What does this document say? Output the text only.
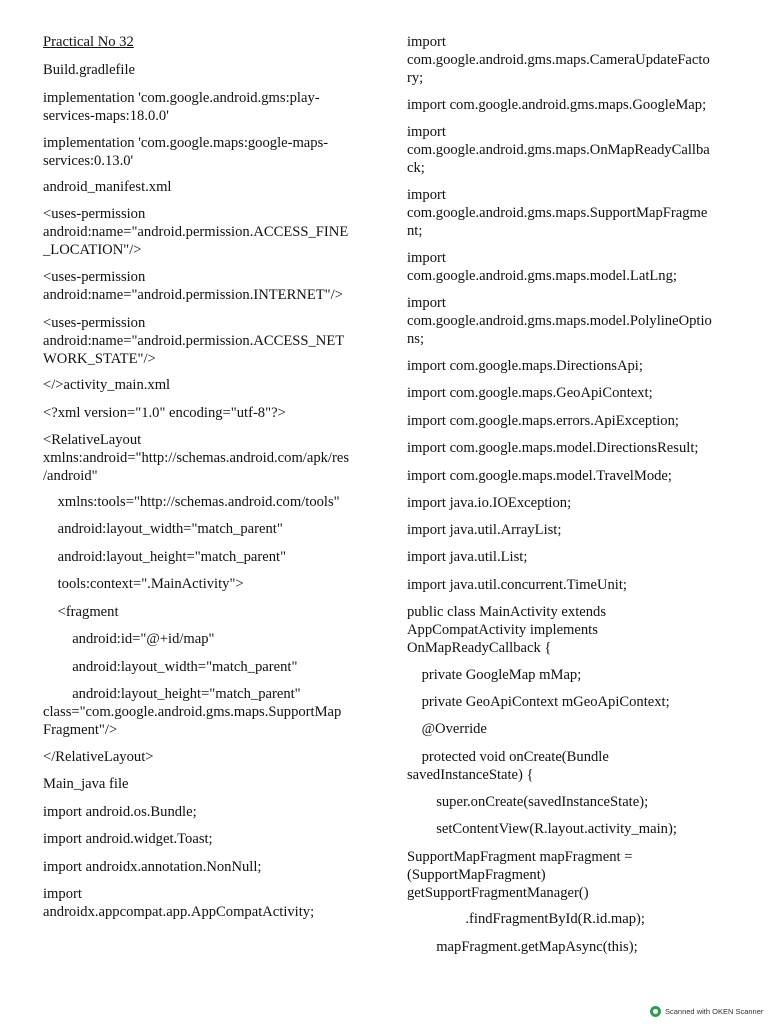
Practical No 32

Build.gradlefile

implementation 'com.google.android.gms:play-
services-maps:18.0.0'

implementation 'com.google.maps:google-maps-
services:0.13.0'

android_manifest.xml

<uses-permission
android:name="android.permission.ACCESS_FINE
_LOCATION"/>

<uses-permission
android:name="android.permission.INTERNET"/>

<uses-permission
android:name="android.permission.ACCESS_NET
WORK_STATE"/>

</>activity_main.xml

<?xml version="1.0" encoding="utf-8"?>

<RelativeLayout
xmlns:android="http://schemas.android.com/apk/res
/android"

xmlns:tools="http://schemas.android.com/tools"

android:layout_width="match_parent"

android:layout_height="match_parent"

tools:context=".MainActivity">

<fragment

android:id="@+id/map"

android:layout_width="match_parent"

android:layout_height="match_parent"
class="com.google.android.gms.maps.SupportMap
Fragment"/>

</RelativeLayout>

Main_java file

import android.os.Bundle;

import android.widget.Toast;

import androidx.annotation.NonNull;

import
androidx.appcompat.app.AppCompatActivity;

import
com.google.android.gms.maps.CameraUpdateFacto
ry;

import com.google.android.gms.maps.GoogleMap;

import
com.google.android.gms.maps.OnMapReadyCallba
ck;

import
com.google.android.gms.maps.SupportMapFragme
nt;

import
com.google.android.gms.maps.model.LatLng;

import
com.google.android.gms.maps.model.PolylineOptio
ns;

import com.google.maps.DirectionsApi;

import com.google.maps.GeoApiContext;

import com.google.maps.errors.ApiException;

import com.google.maps.model.DirectionsResult;

import com.google.maps.model.TravelMode;

import java.io.IOException;

import java.util.ArrayList;

import java.util.List;

import java.util.concurrent.TimeUnit;

public class MainActivity extends
AppCompatActivity implements
OnMapReadyCallback {

private GoogleMap mMap;

private GeoApiContext mGeoApiContext;

@Override

protected void onCreate(Bundle
savedInstanceState) {

super.onCreate(savedInstanceState);

setContentView(R.layout.activity_main);

SupportMapFragment mapFragment =
(SupportMapFragment)
getSupportFragmentManager()

.findFragmentById(R.id.map);

mapFragment.getMapAsync(this);

Scanned with OKEN Scanner
